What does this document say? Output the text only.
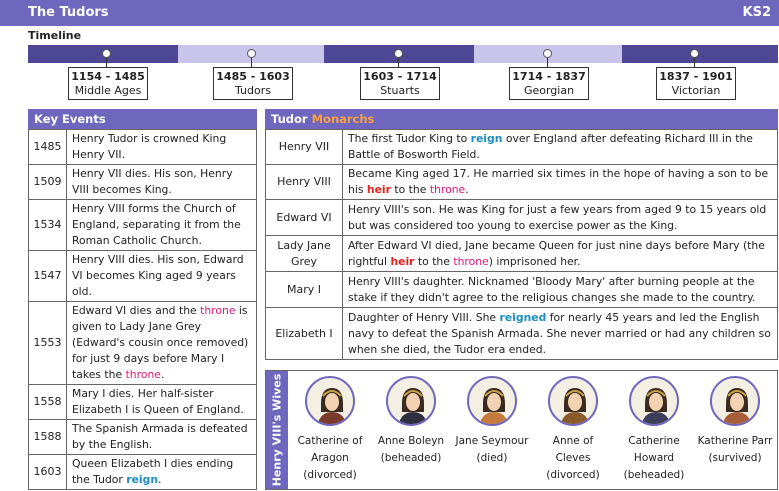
The Tudors	KS2
Timeline
1154 - 1485
Middle Ages
1485 - 1603
Tudors
1603 - 1714
Stuarts
1714 - 1837
Georgian
1837 - 1901
Victorian
Key Events
1485	Henry Tudor is crowned King Henry VII.
1509	Henry VII dies. His son, Henry VIII becomes King.
1534	Henry VIII forms the Church of England, separating it from the Roman Catholic Church.
1547	Henry VIII dies. His son, Edward VI becomes King aged 9 years old.
1553	Edward VI dies and the throne is given to Lady Jane Grey (Edward's cousin once removed) for just 9 days before Mary I takes the throne.
1558	Mary I dies. Her half-sister Elizabeth I is Queen of England.
1588	The Spanish Armada is defeated by the English.
1603	Queen Elizabeth I dies ending the Tudor reign.
Tudor Monarchs
Henry VII	The first Tudor King to reign over England after defeating Richard III in the Battle of Bosworth Field.
Henry VIII	Became King aged 17. He married six times in the hope of having a son to be his heir to the throne.
Edward VI	Henry VIII's son. He was King for just a few years from aged 9 to 15 years old but was considered too young to exercise power as the King.
Lady Jane Grey	After Edward VI died, Jane became Queen for just nine days before Mary (the rightful heir to the throne) imprisoned her.
Mary I	Henry VIII's daughter. Nicknamed 'Bloody Mary' after burning people at the stake if they didn't agree to the religious changes she made to the country.
Elizabeth I	Daughter of Henry VIII. She reigned for nearly 45 years and led the English navy to defeat the Spanish Armada. She never married or had any children so when she died, the Tudor era ended.
Henry VIII's Wives	Catherine of
Aragon
(divorced)
Anne Boleyn
(beheaded)
Jane Seymour
(died)
Anne of
Cleves
(divorced)
Catherine
Howard
(beheaded)
Katherine Parr
(survived)
